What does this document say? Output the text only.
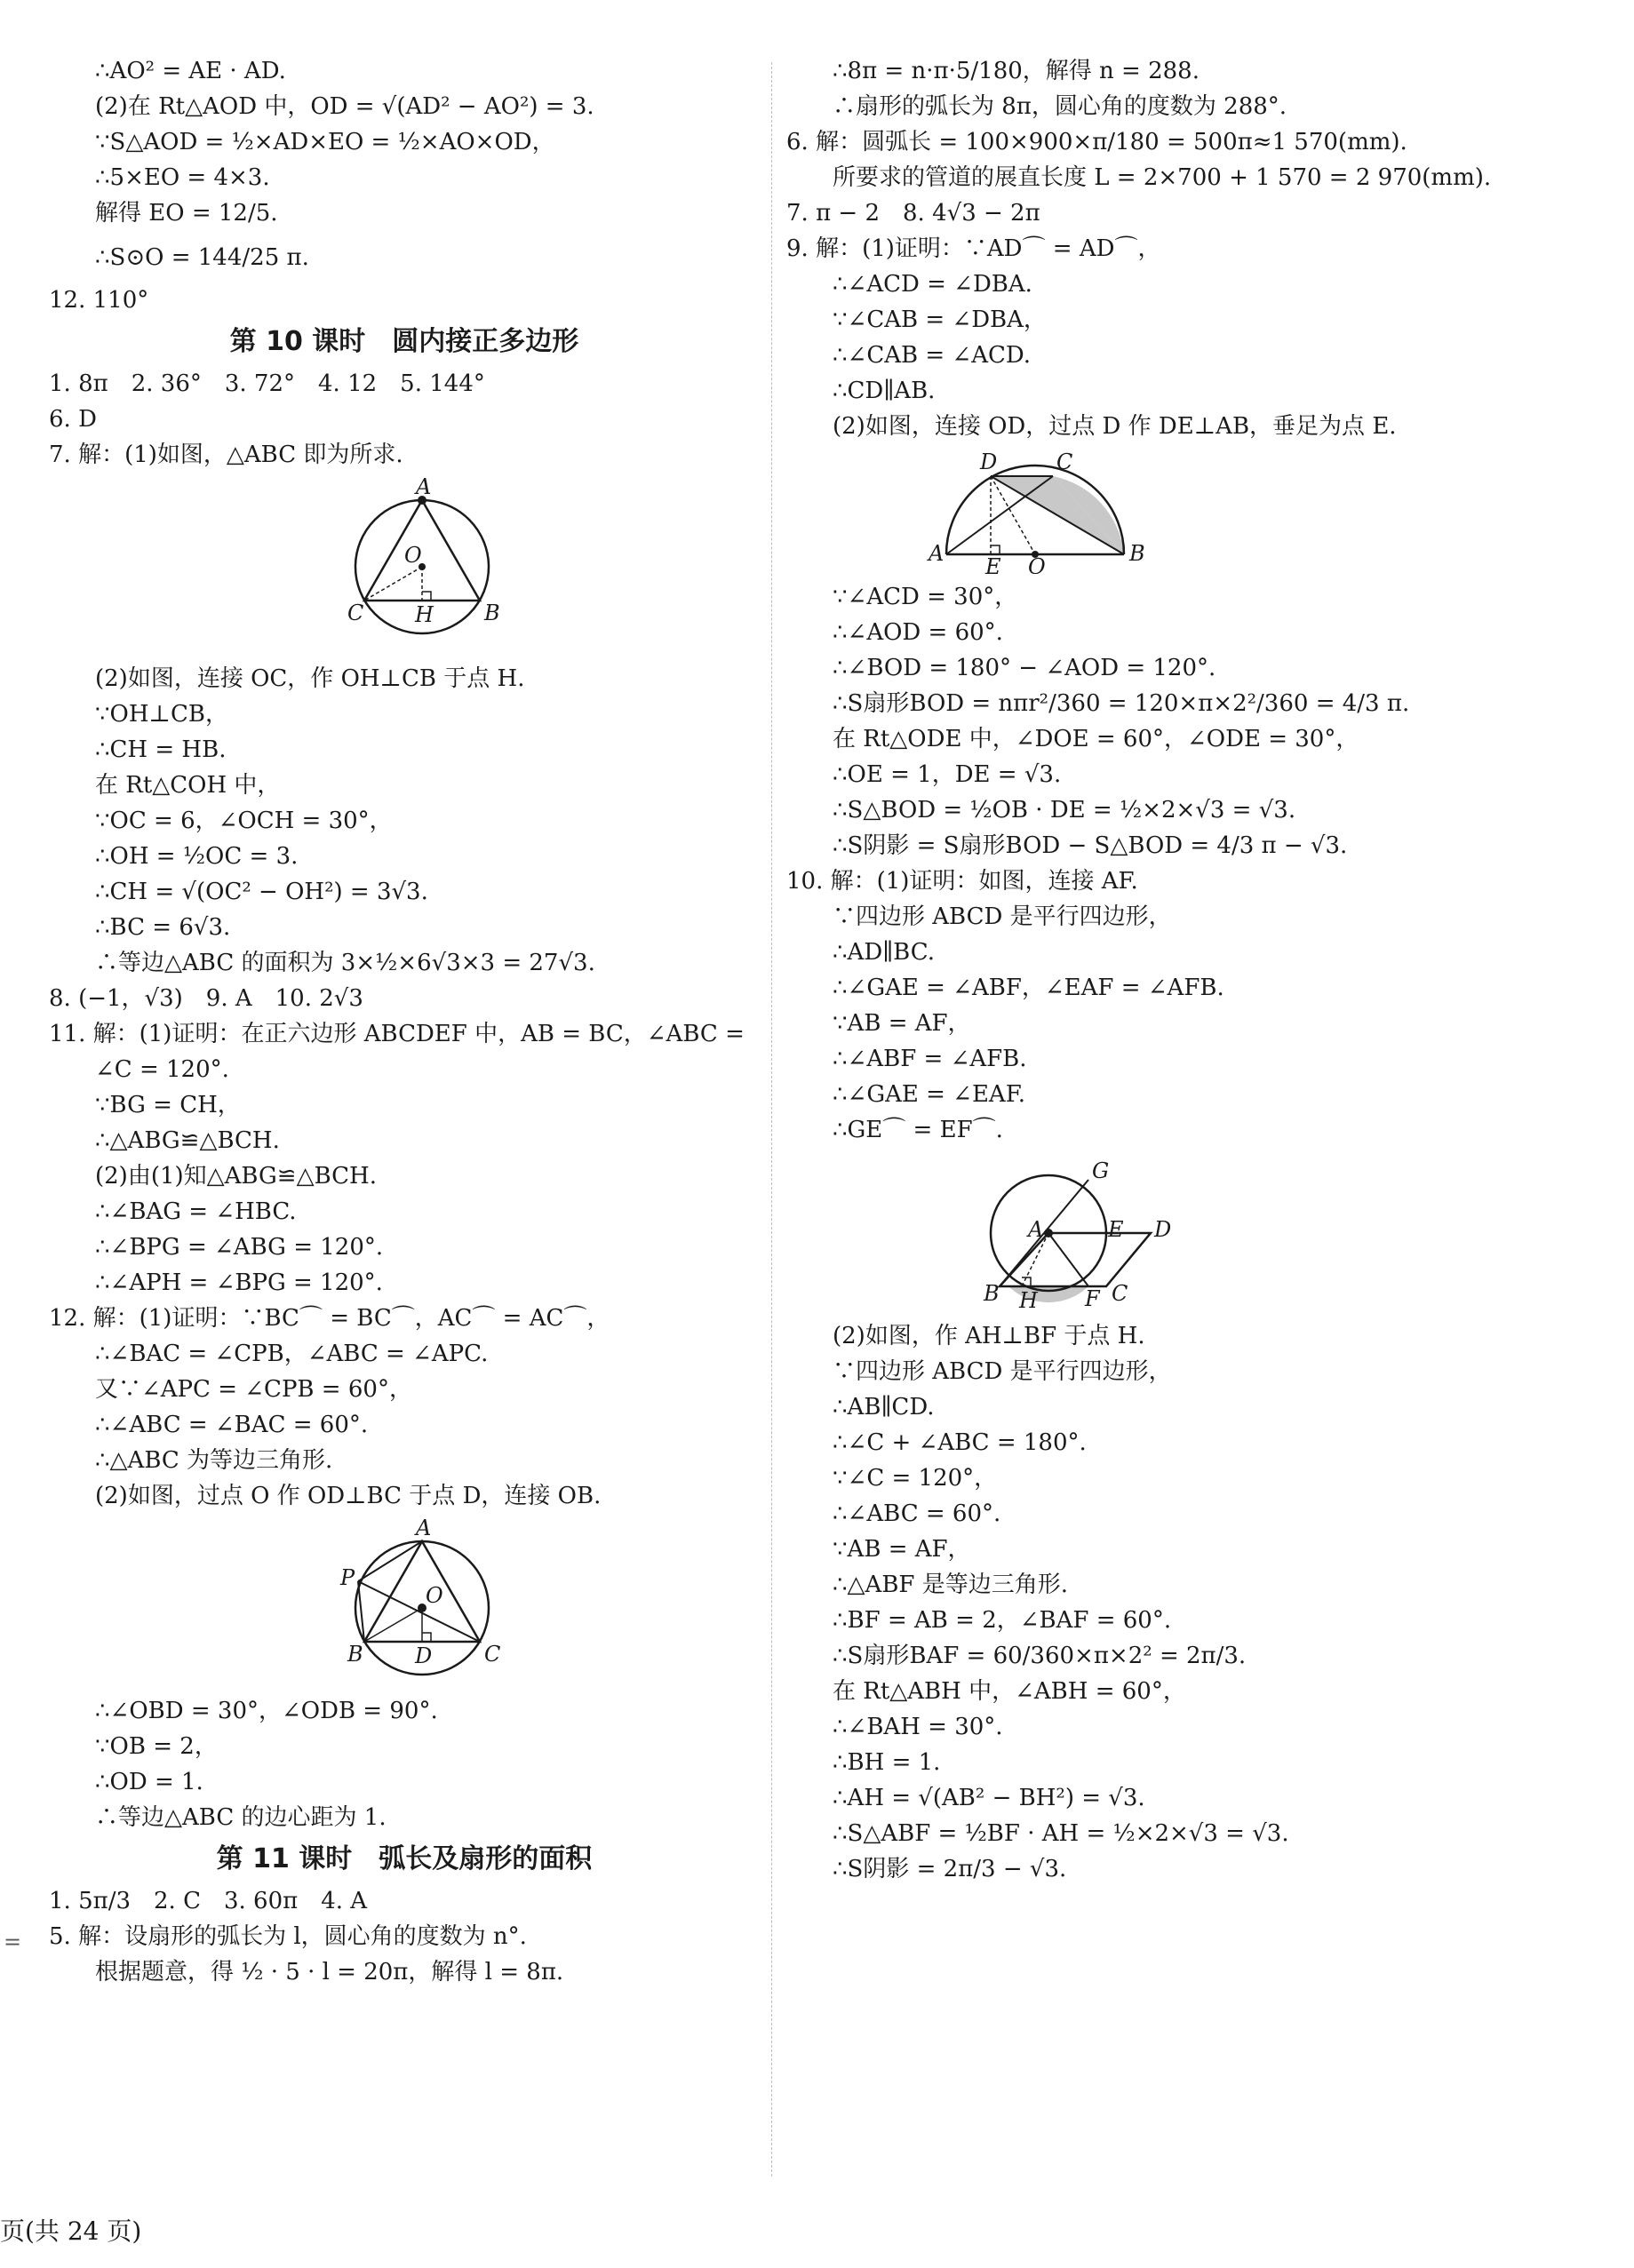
∴AO² = AE · AD.
(2)在 Rt△AOD 中，OD = √(AD² − AO²) = 3.
∵S△AOD = ½×AD×EO = ½×AO×OD，
∴5×EO = 4×3.
解得 EO = 12/5.
∴S⊙O = 144/25 π.
12. 110°
第 10 课时　圆内接正多边形
1. 8π　2. 36°　3. 72°　4. 12　5. 144°
6. D
7. 解：(1)如图，△ABC 即为所求.
A
O
C H B
(2)如图，连接 OC，作 OH⊥CB 于点 H.
∵OH⊥CB，
∴CH = HB.
在 Rt△COH 中，
∵OC = 6，∠OCH = 30°，
∴OH = ½OC = 3.
∴CH = √(OC² − OH²) = 3√3.
∴BC = 6√3.
∴等边△ABC 的面积为 3×½×6√3×3 = 27√3.
8. (−1，√3)　9. A　10. 2√3
11. 解：(1)证明：在正六边形 ABCDEF 中，AB = BC，∠ABC =
∠C = 120°.
∵BG = CH，
∴△ABG≌△BCH.
(2)由(1)知△ABG≌△BCH.
∴∠BAG = ∠HBC.
∴∠BPG = ∠ABG = 120°.
∴∠APH = ∠BPG = 120°.
12. 解：(1)证明：∵BC⌒ = BC⌒，AC⌒ = AC⌒，
∴∠BAC = ∠CPB，∠ABC = ∠APC.
又∵∠APC = ∠CPB = 60°，
∴∠ABC = ∠BAC = 60°.
∴△ABC 为等边三角形.
(2)如图，过点 O 作 OD⊥BC 于点 D，连接 OB.
A
P
O
B D C
∴∠OBD = 30°，∠ODB = 90°.
∵OB = 2，
∴OD = 1.
∴等边△ABC 的边心距为 1.
第 11 课时　弧长及扇形的面积
1. 5π/3　2. C　3. 60π　4. A
5. 解：设扇形的弧长为 l，圆心角的度数为 n°.
根据题意，得 ½ · 5 · l = 20π，解得 l = 8π.
∴8π = n·π·5/180，解得 n = 288.
∴扇形的弧长为 8π，圆心角的度数为 288°.
6. 解：圆弧长 = 100×900×π/180 = 500π≈1 570(mm).
所要求的管道的展直长度 L = 2×700 + 1 570 = 2 970(mm).
7. π − 2　8. 4√3 − 2π
9. 解：(1)证明：∵AD⌒ = AD⌒，
∴∠ACD = ∠DBA.
∵∠CAB = ∠DBA，
∴∠CAB = ∠ACD.
∴CD∥AB.
(2)如图，连接 OD，过点 D 作 DE⊥AB，垂足为点 E.
D	C
A
E O
B
∵∠ACD = 30°，
∴∠AOD = 60°.
∴∠BOD = 180° − ∠AOD = 120°.
∴S扇形BOD = nπr²/360 = 120×π×2²/360 = 4/3 π.
在 Rt△ODE 中，∠DOE = 60°，∠ODE = 30°，
∴OE = 1，DE = √3.
∴S△BOD = ½OB · DE = ½×2×√3 = √3.
∴S阴影 = S扇形BOD − S△BOD = 4/3 π − √3.
10. 解：(1)证明：如图，连接 AF.
∵四边形 ABCD 是平行四边形，
∴AD∥BC.
∴∠GAE = ∠ABF，∠EAF = ∠AFB.
∵AB = AF，
∴∠ABF = ∠AFB.
∴∠GAE = ∠EAF.
∴GE⌒ = EF⌒.
G
A	E D
B H F C
(2)如图，作 AH⊥BF 于点 H.
∵四边形 ABCD 是平行四边形，
∴AB∥CD.
∴∠C + ∠ABC = 180°.
∵∠C = 120°，
∴∠ABC = 60°.
∵AB = AF，
∴△ABF 是等边三角形.
∴BF = AB = 2，∠BAF = 60°.
∴S扇形BAF = 60/360×π×2² = 2π/3.
在 Rt△ABH 中，∠ABH = 60°，
∴∠BAH = 30°.
∴BH = 1.
∴AH = √(AB² − BH²) = √3.
∴S△ABF = ½BF · AH = ½×2×√3 = √3.
∴S阴影 = 2π/3 − √3.
=
页(共 24 页)
